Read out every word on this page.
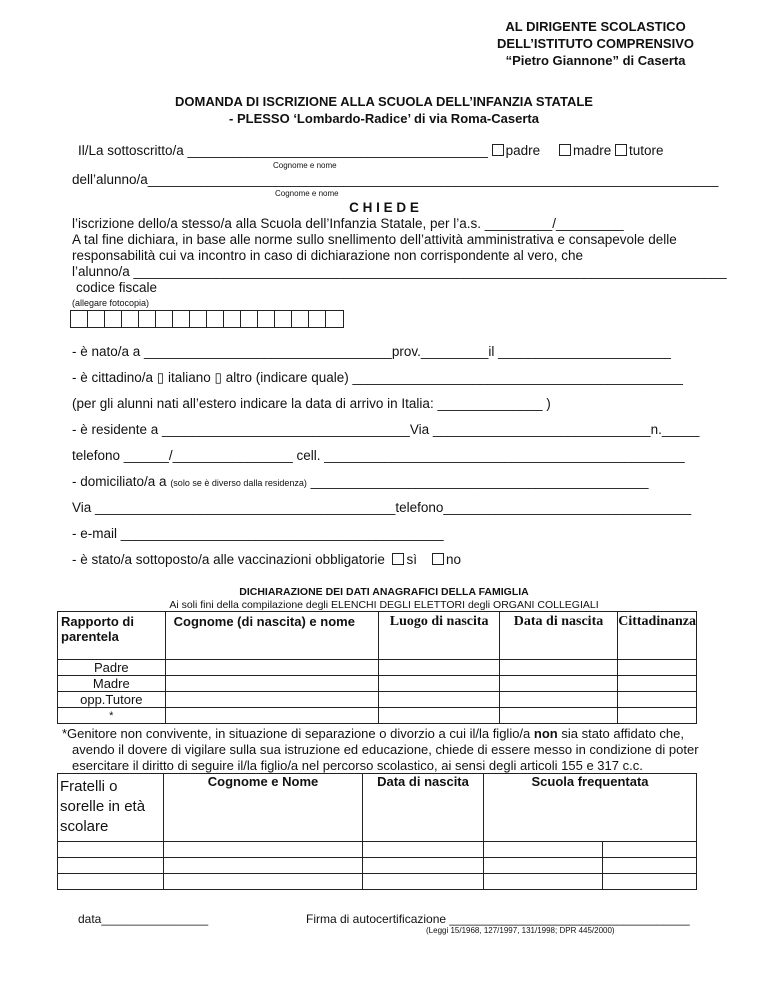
AL DIRIGENTE SCOLASTICO
DELL’ISTITUTO COMPRENSIVO
“Pietro Giannone” di Caserta
DOMANDA DI ISCRIZIONE ALLA SCUOLA DELL’INFANZIA STATALE
- PLESSO ‘Lombardo-Radice’ di via Roma-Caserta
Il/La sottoscritto/a ________________________________________ padre madre tutore
Cognome e nome
dell’alunno/a____________________________________________________________________________
Cognome e nome
C H I E D E
l’iscrizione dello/a stesso/a alla Scuola dell’Infanzia Statale, per l’a.s. _________/_________
A tal fine dichiara, in base alle norme sullo snellimento dell’attività amministrativa e consapevole delle
responsabilità cui va incontro in caso di dichiarazione non corrispondente al vero, che
l’alunno/a _______________________________________________________________________________
codice fiscale
(allegare fotocopia)
- è nato/a a _________________________________prov._________il _______________________
- è cittadino/a ▯ italiano ▯ altro (indicare quale) ____________________________________________
(per gli alunni nati all’estero indicare la data di arrivo in Italia: ______________ )
- è residente a _________________________________Via _____________________________n._____
telefono ______/________________ cell. ________________________________________________
- domiciliato/a a (solo se è diverso dalla residenza) _____________________________________________
Via ________________________________________telefono_________________________________
- e-mail ___________________________________________
- è stato/a sottoposto/a alle vaccinazioni obbligatorie sì no
DICHIARAZIONE DEI DATI ANAGRAFICI DELLA FAMIGLIA
Ai soli fini della compilazione degli ELENCHI DEGLI ELETTORI degli ORGANI COLLEGIALI
Rapporto di parentela	Cognome (di nascita) e nome	Luogo di nascita	Data di nascita	Cittadinanza
Padre				
Madre				
opp.Tutore				
*				
*Genitore non convivente, in situazione di separazione o divorzio a cui il/la figlio/a non sia stato affidato che,
avendo il dovere di vigilare sulla sua istruzione ed educazione, chiede di essere messo in condizione di poter
esercitare il diritto di seguire il/la figlio/a nel percorso scolastico, ai sensi degli articoli 155 e 317 c.c.
Fratelli o sorelle in età scolare	Cognome e Nome	Data di nascita	Scuola frequentata	

data________________	Firma di autocertificazione ____________________________________
(Leggi 15/1968, 127/1997, 131/1998; DPR 445/2000)
